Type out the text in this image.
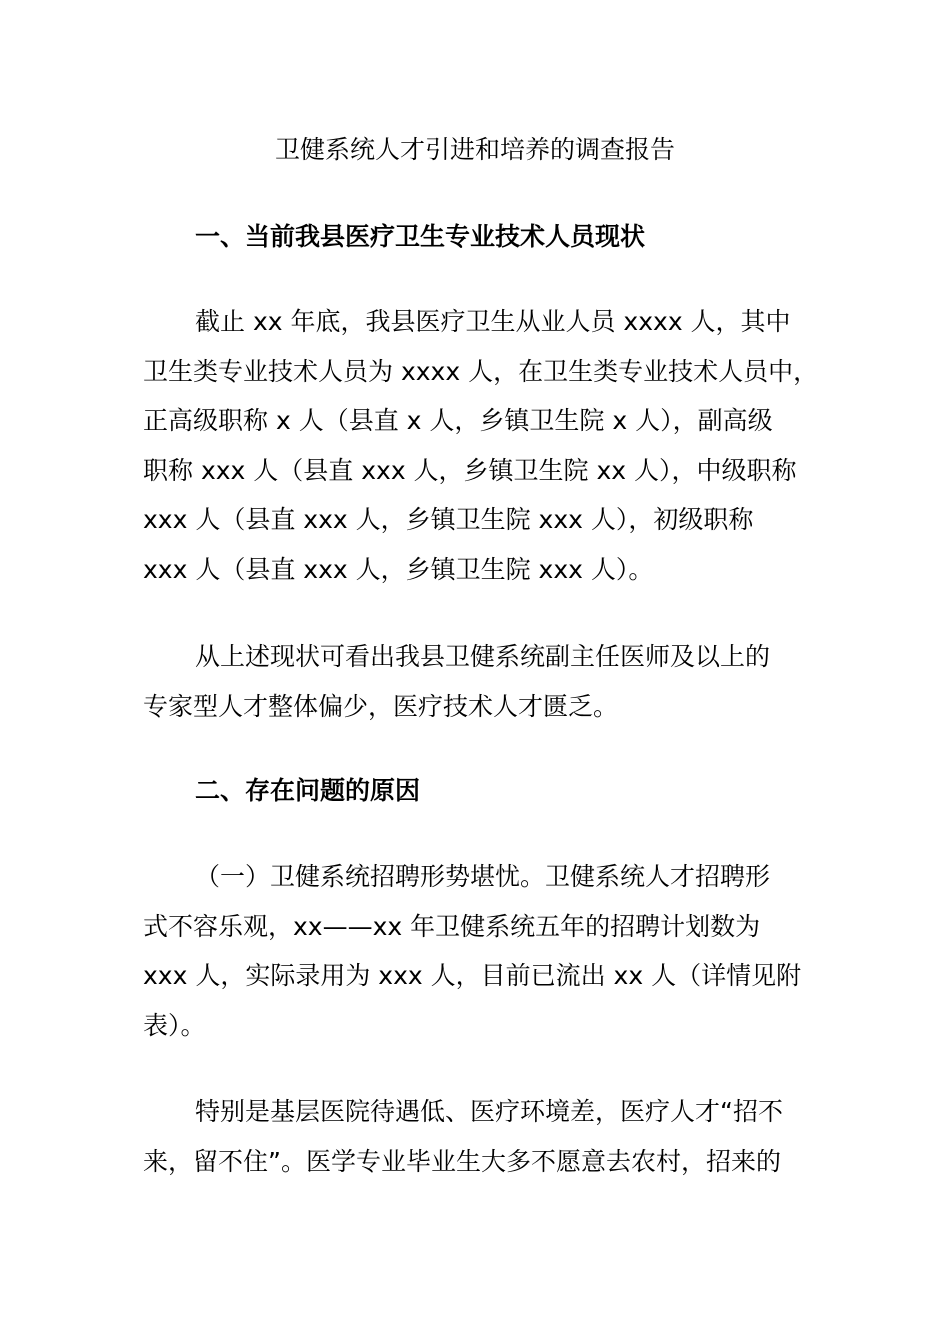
卫健系统人才引进和培养的调查报告
一、当前我县医疗卫生专业技术人员现状

截止 xx 年底，我县医疗卫生从业人员 xxxx 人，其中
卫生类专业技术人员为 xxxx 人，在卫生类专业技术人员中，
正高级职称 x 人（县直 x 人，乡镇卫生院 x 人），副高级
职称 xxx 人（县直 xxx 人，乡镇卫生院 xx 人），中级职称
xxx 人（县直 xxx 人，乡镇卫生院 xxx 人），初级职称
xxx 人（县直 xxx 人，乡镇卫生院 xxx 人）。

从上述现状可看出我县卫健系统副主任医师及以上的
专家型人才整体偏少，医疗技术人才匮乏。

二、存在问题的原因

（一）卫健系统招聘形势堪忧。卫健系统人才招聘形
式不容乐观，xx——xx 年卫健系统五年的招聘计划数为
xxx 人，实际录用为 xxx 人，目前已流出 xx 人（详情见附
表）。

特别是基层医院待遇低、医疗环境差，医疗人才“招不
来，留不住”。医学专业毕业生大多不愿意去农村，招来的
